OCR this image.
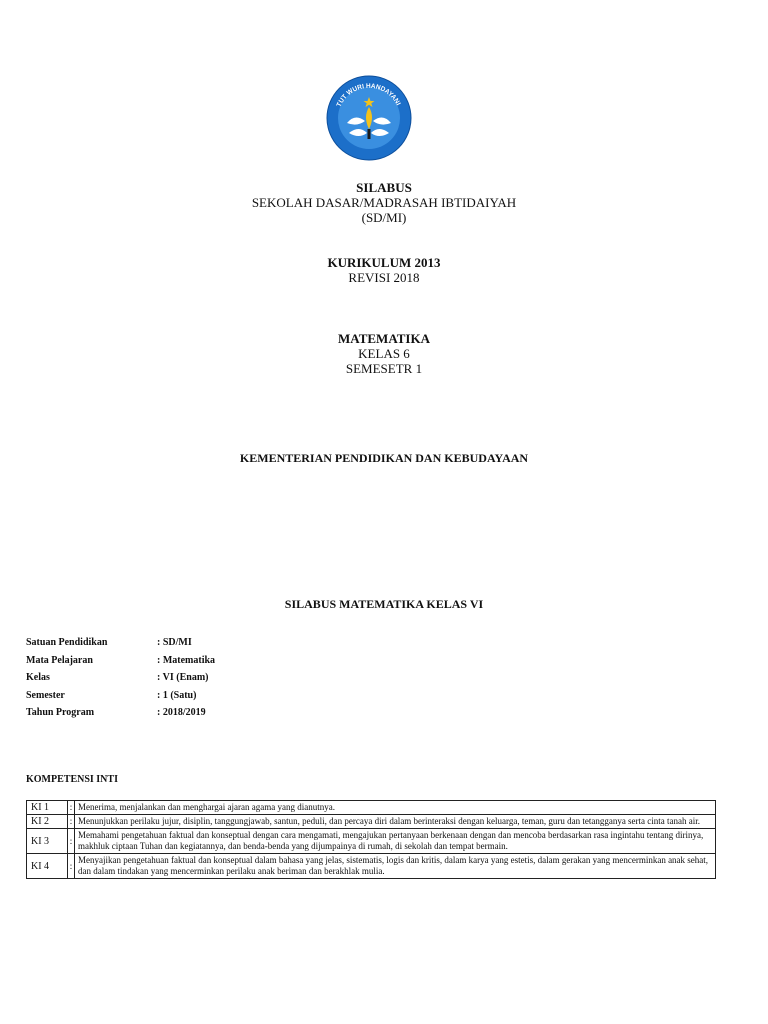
TUT WURI HANDAYANI
SILABUS
SEKOLAH DASAR/MADRASAH IBTIDAIYAH
(SD/MI)
KURIKULUM 2013
REVISI 2018
MATEMATIKA
KELAS 6
SEMESETR 1
KEMENTERIAN PENDIDIKAN DAN KEBUDAYAAN
SILABUS MATEMATIKA KELAS VI
Satuan Pendidikan	: SD/MI
Mata Pelajaran	: Matematika
Kelas	: VI (Enam)
Semester	: 1 (Satu)
Tahun Program	: 2018/2019
KOMPETENSI INTI
KI 1	:	Menerima, menjalankan dan menghargai ajaran agama yang dianutnya.
KI 2	:	Menunjukkan perilaku jujur, disiplin, tanggungjawab, santun, peduli, dan percaya diri dalam berinteraksi dengan keluarga, teman, guru dan tetangganya serta cinta tanah air.
KI 3	:	Memahami pengetahuan faktual dan konseptual dengan cara mengamati, mengajukan pertanyaan berkenaan dengan dan mencoba berdasarkan rasa ingintahu tentang dirinya, makhluk ciptaan Tuhan dan kegiatannya, dan benda-benda yang dijumpainya di rumah, di sekolah dan tempat bermain.
KI 4	:	Menyajikan pengetahuan faktual dan konseptual dalam bahasa yang jelas, sistematis, logis dan kritis, dalam karya yang estetis, dalam gerakan yang mencerminkan anak sehat, dan dalam tindakan yang mencerminkan perilaku anak beriman dan berakhlak mulia.
